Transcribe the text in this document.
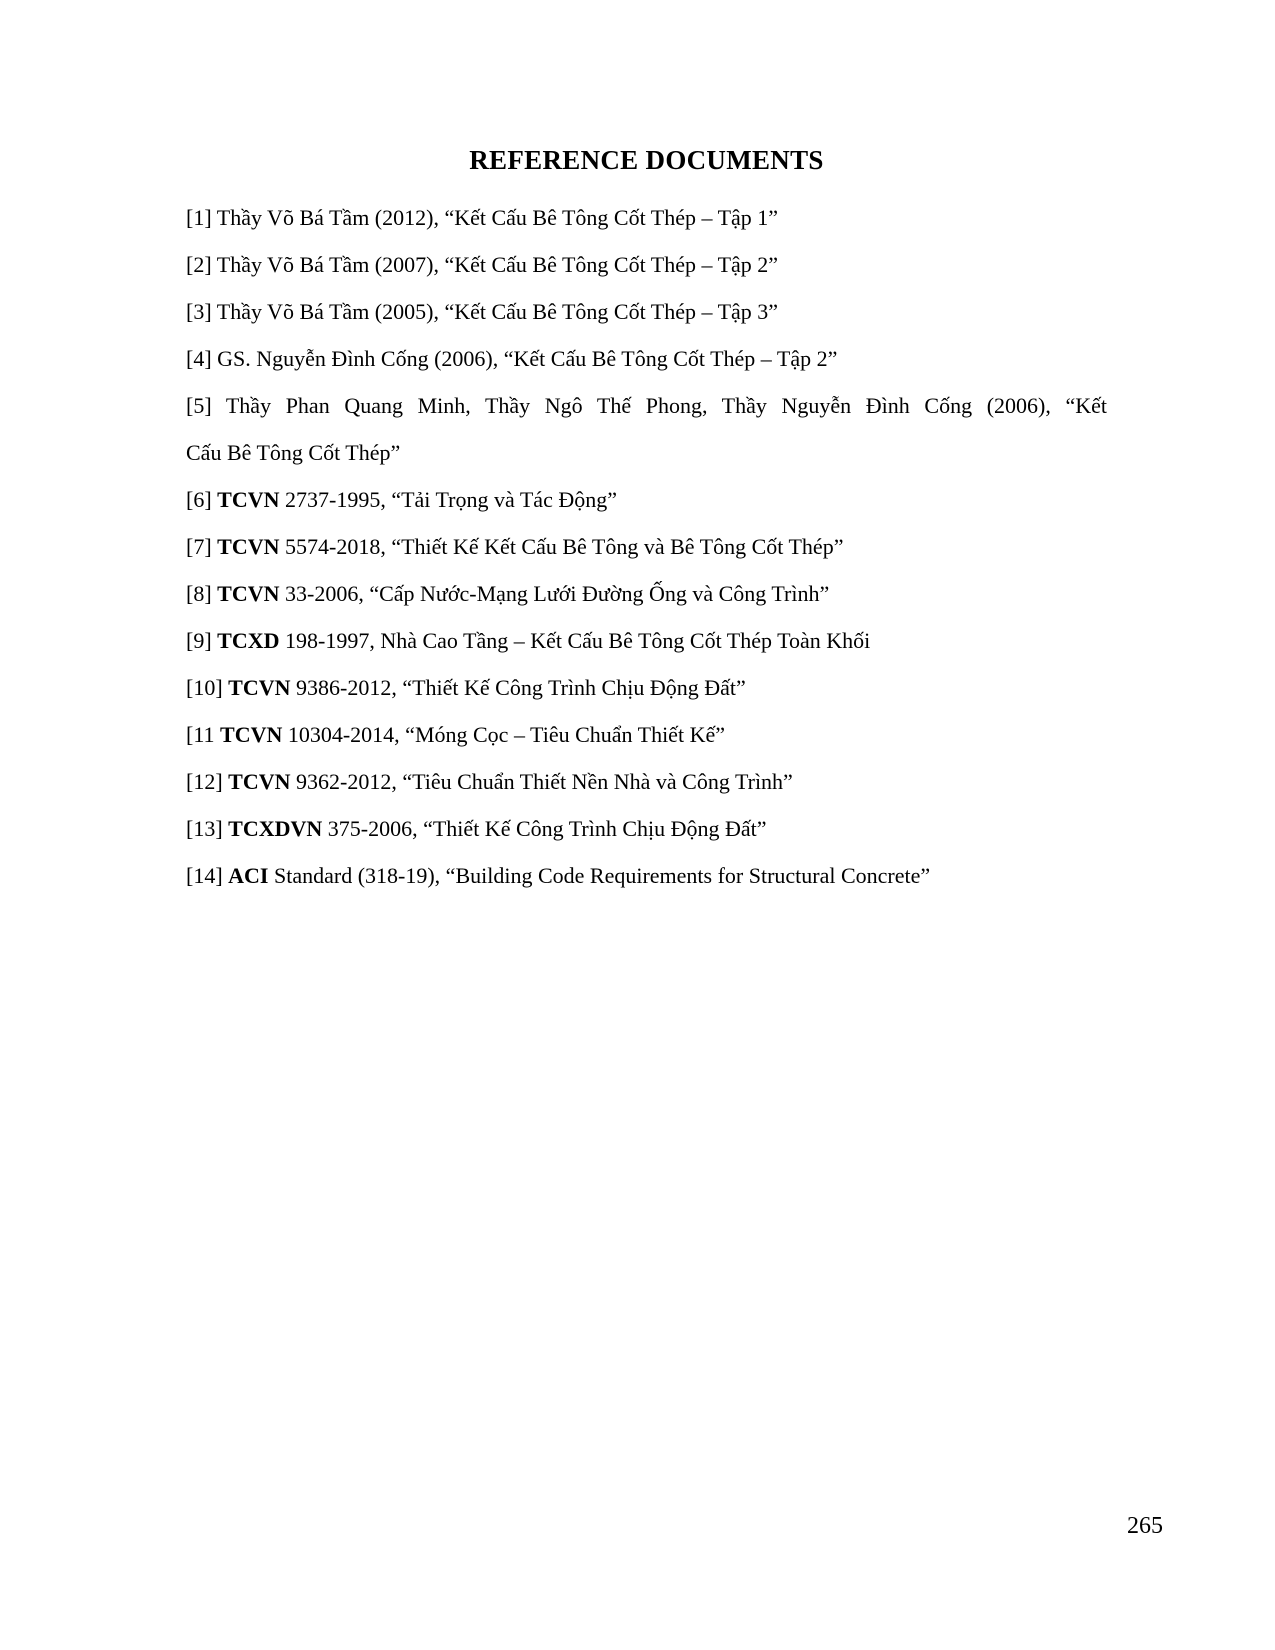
REFERENCE DOCUMENTS

[1] Thầy Võ Bá Tầm (2012), “Kết Cấu Bê Tông Cốt Thép – Tập 1”

[2] Thầy Võ Bá Tầm (2007), “Kết Cấu Bê Tông Cốt Thép – Tập 2”

[3] Thầy Võ Bá Tầm (2005), “Kết Cấu Bê Tông Cốt Thép – Tập 3”

[4] GS. Nguyễn Đình Cống (2006), “Kết Cấu Bê Tông Cốt Thép – Tập 2”

[5] Thầy Phan Quang Minh, Thầy Ngô Thế Phong, Thầy Nguyễn Đình Cống (2006), “Kết
Cấu Bê Tông Cốt Thép”

[6] TCVN 2737-1995, “Tải Trọng và Tác Động”

[7] TCVN 5574-2018, “Thiết Kế Kết Cấu Bê Tông và Bê Tông Cốt Thép”

[8] TCVN 33-2006, “Cấp Nước-Mạng Lưới Đường Ống và Công Trình”

[9] TCXD 198-1997, Nhà Cao Tầng – Kết Cấu Bê Tông Cốt Thép Toàn Khối

[10] TCVN 9386-2012, “Thiết Kế Công Trình Chịu Động Đất”

[11 TCVN 10304-2014, “Móng Cọc – Tiêu Chuẩn Thiết Kế”

[12] TCVN 9362-2012, “Tiêu Chuẩn Thiết Nền Nhà và Công Trình”

[13] TCXDVN 375-2006, “Thiết Kế Công Trình Chịu Động Đất”

[14] ACI Standard (318-19), “Building Code Requirements for Structural Concrete”

265
